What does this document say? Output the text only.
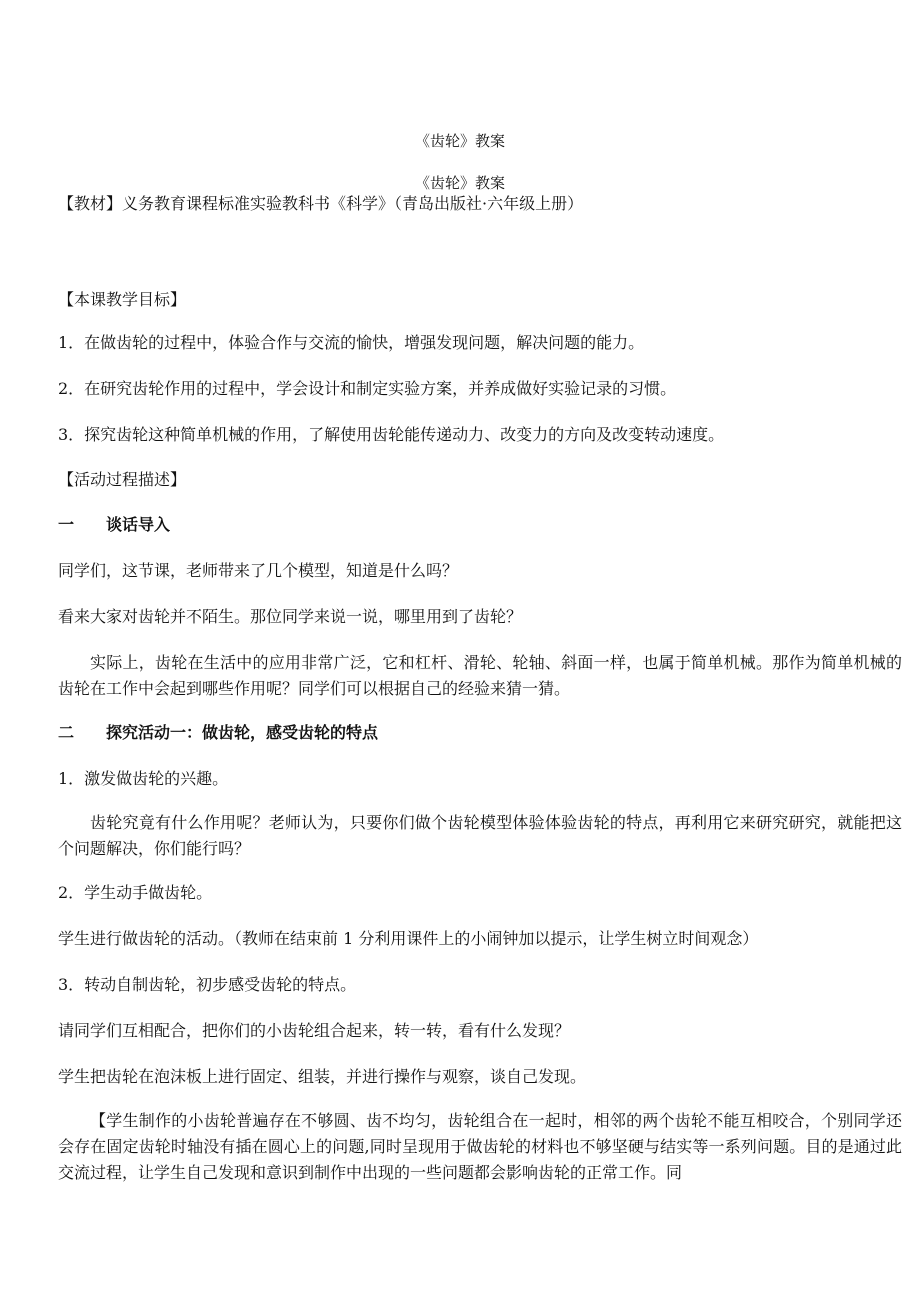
《齿轮》教案
《齿轮》教案
【教材】义务教育课程标准实验教科书《科学》（青岛出版社·六年级上册）
【本课教学目标】
1．在做齿轮的过程中，体验合作与交流的愉快，增强发现问题，解决问题的能力。
2．在研究齿轮作用的过程中，学会设计和制定实验方案，并养成做好实验记录的习惯。
3．探究齿轮这种简单机械的作用，了解使用齿轮能传递动力、改变力的方向及改变转动速度。
【活动过程描述】
一 谈话导入
同学们，这节课，老师带来了几个模型，知道是什么吗？
看来大家对齿轮并不陌生。那位同学来说一说，哪里用到了齿轮？
实际上，齿轮在生活中的应用非常广泛，它和杠杆、滑轮、轮轴、斜面一样，也属于简单机械。那作为简单机械的齿轮在工作中会起到哪些作用呢？同学们可以根据自己的经验来猜一猜。
二 探究活动一：做齿轮，感受齿轮的特点
1．激发做齿轮的兴趣。
齿轮究竟有什么作用呢？老师认为，只要你们做个齿轮模型体验体验齿轮的特点，再利用它来研究研究，就能把这个问题解决，你们能行吗？
2．学生动手做齿轮。
学生进行做齿轮的活动。（教师在结束前 1 分利用课件上的小闹钟加以提示，让学生树立时间观念）
3．转动自制齿轮，初步感受齿轮的特点。
请同学们互相配合，把你们的小齿轮组合起来，转一转，看有什么发现？
学生把齿轮在泡沫板上进行固定、组装，并进行操作与观察，谈自己发现。
【学生制作的小齿轮普遍存在不够圆、齿不均匀，齿轮组合在一起时，相邻的两个齿轮不能互相咬合，个别同学还会存在固定齿轮时轴没有插在圆心上的问题,同时呈现用于做齿轮的材料也不够坚硬与结实等一系列问题。目的是通过此交流过程，让学生自己发现和意识到制作中出现的一些问题都会影响齿轮的正常工作。同
